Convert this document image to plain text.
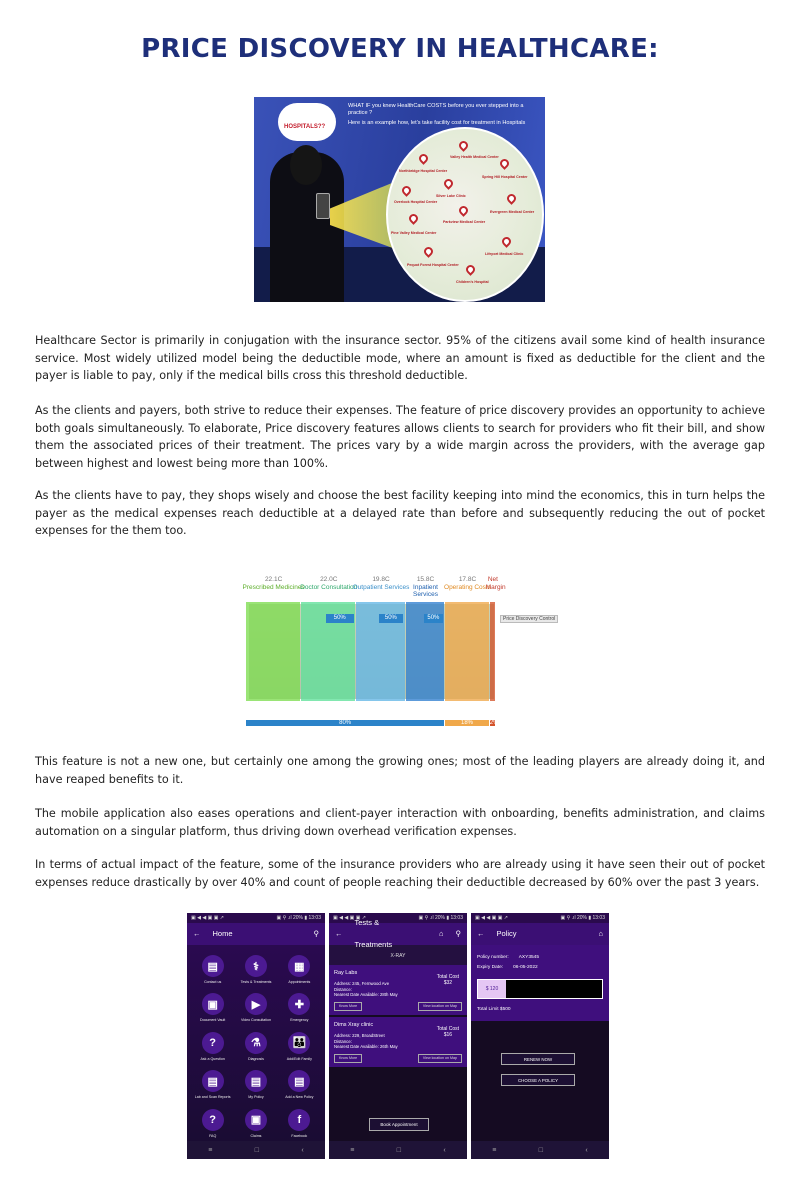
PRICE DISCOVERY IN HEALTHCARE:
HOSPITALS??

WHAT IF you knew HealthCare COSTS before you ever stepped into a practice ?

Here is an example how, let's take facility cost for treatment in Hospitals

Valley Health Medical Center
Northbridge Hospital Center
Spring Hill Hospital Center
Silver Lake Clinic
Overlook Hospital Center
Evergreen Medical Center
Parkview Medical Center
Pine Valley Medical Center
Lifeport Medical Clinic
Pequot Forest Hospital Center
Children's Hospital
Healthcare Sector is primarily in conjugation with the insurance sector. 95% of the citizens avail some kind of health insurance service. Most widely utilized model being the deductible mode, where an amount is fixed as deductible for the client and the payer is liable to pay, only if the medical bills cross this threshold deductible.
As the clients and payers, both strive to reduce their expenses. The feature of price discovery provides an opportunity to achieve both goals simultaneously. To elaborate, Price discovery features allows clients to search for providers who fit their bill, and show them the associated prices of their treatment. The prices vary by a wide margin across the providers, with the average gap between highest and lowest being more than 100%.
As the clients have to pay, they shops wisely and choose the best facility keeping into mind the economics, this in turn helps the payer as the medical expenses reach deductible at a delayed rate than before and subsequently reducing the out of pocket expenses for the them too.
Price Discovery Control
22.1C
Prescribed Medicines
22.0C
Doctor Consultation
19.8C
Outpatient Services
15.8C
Inpatient Services
17.8C
Operating Costs
Net Margin
50%	50%	50%
80%	18%	2%
This feature is not a new one, but certainly one among the growing ones; most of the leading players are already doing it, and have reaped benefits to it.
The mobile application also eases operations and client-payer interaction with onboarding, benefits administration, and claims automation on a singular platform, thus driving down overhead verification expenses.
In terms of actual impact of the feature, some of the insurance providers who are already using it have seen their out of pocket expenses reduce drastically by over 40% and count of people reaching their deductible decreased by 60% over the past 3 years.
▣ ◀ ◀ ▣ ▣ ↗	▣ ⚲ .ıl 20% ▮ 13:03
← Home	⚲
▤
Contact us
⚕
Tests & Treatments
▦
Appointments
▣
Document Vault
▶
Video Consultation
✚
Emergency
?
Ask a Question
⚗
Diagnosis
👪
Add/Edit Family
▤
Lab and Scan Reports
▤
My Policy
▤
Add a New Policy
?
FAQ
▣
Claims
f
Facebook
≡	□	‹
▣ ◀ ◀ ▣ ▣ ↗	▣ ⚲ .ıl 20% ▮ 13:03
←
Tests & Treatments
⌂ ⚲
X-RAY
Ray Labs
Address: 245, Fernwood Ave
Distance:
Nearest Date Available: 28th May
Total Cost
$32
Know More	View location on Map
Dims Xray clinic
Address: 229, BroadStreet
Distance:
Nearest Date Available: 26th May
Total Cost
$16
Know More	View location on Map
Book Appointment
≡	□	‹
▣ ◀ ◀ ▣ ▣ ↗	▣ ⚲ .ıl 20% ▮ 13:03
← Policy	⌂
Policy number: AXY3545
Expiry Date: 06-05-2022
$ 120
Total Limit $500
RENEW NOW
CHOOSE A POLICY
≡	□	‹
